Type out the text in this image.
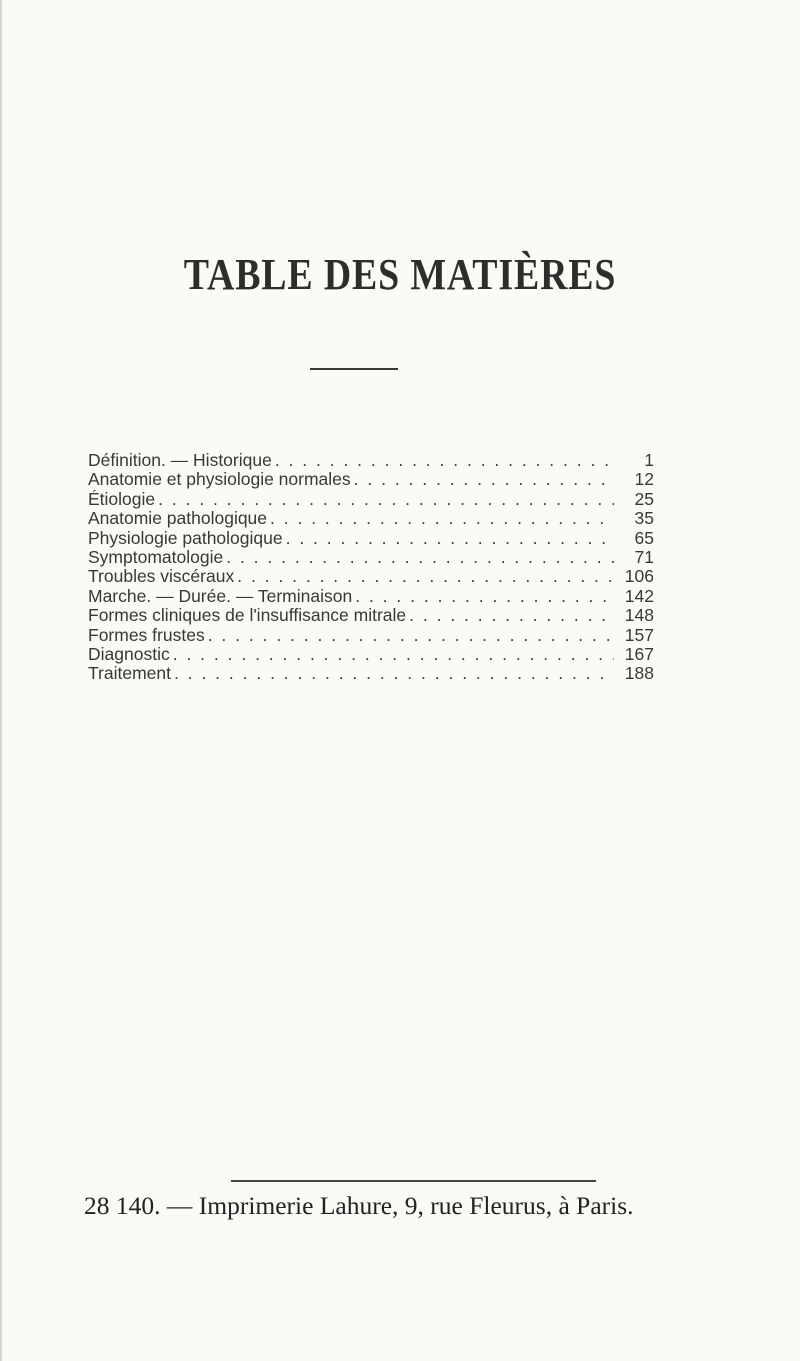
TABLE DES MATIÈRES
Définition. — Historique . . .	1
Anatomie et physiologie normales . . .	12
Étiologie . . .	25
Anatomie pathologique . . .	35
Physiologie pathologique . . .	65
Symptomatologie . . .	71
Troubles viscéraux . . .	106
Marche. — Durée. — Terminaison . . .	142
Formes cliniques de l'insuffisance mitrale . . .	148
Formes frustes . . .	157
Diagnostic . . .	167
Traitement . . .	188
28 140. — Imprimerie Lahure, 9, rue Fleurus, à Paris.
